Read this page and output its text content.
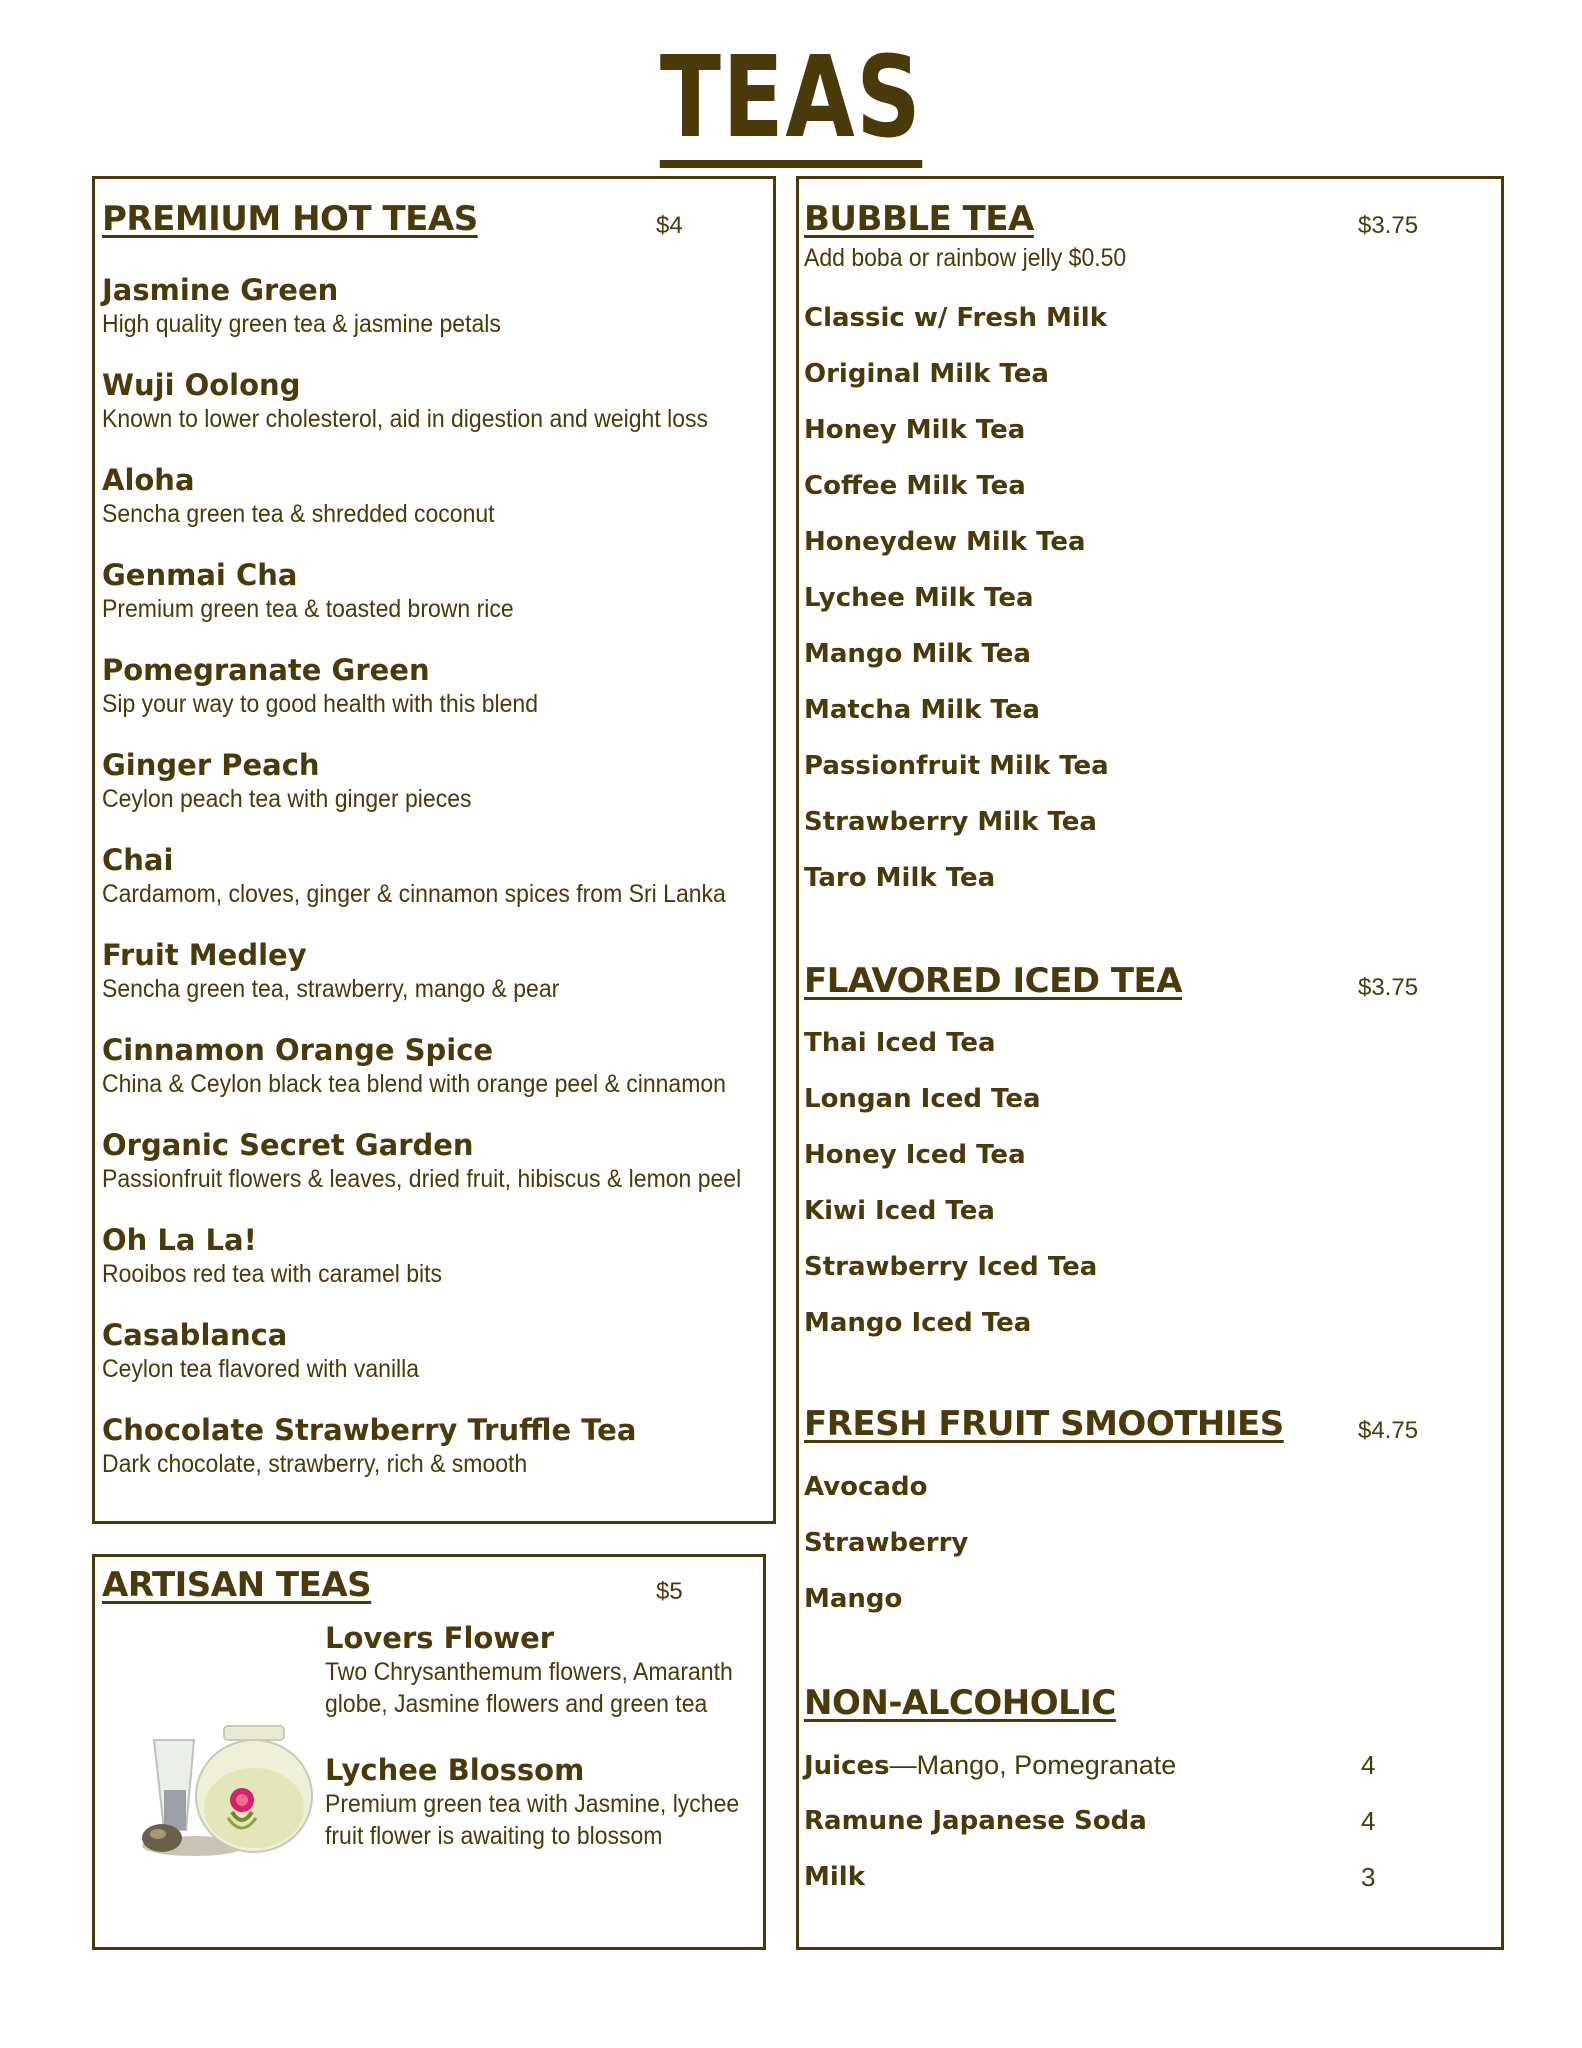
TEAS
PREMIUM HOT TEAS	$4
Jasmine Green
High quality green tea & jasmine petals
Wuji Oolong
Known to lower cholesterol, aid in digestion and weight loss
Aloha
Sencha green tea & shredded coconut
Genmai Cha
Premium green tea & toasted brown rice
Pomegranate Green
Sip your way to good health with this blend
Ginger Peach
Ceylon peach tea with ginger pieces
Chai
Cardamom, cloves, ginger & cinnamon spices from Sri Lanka
Fruit Medley
Sencha green tea, strawberry, mango & pear
Cinnamon Orange Spice
China & Ceylon black tea blend with orange peel & cinnamon
Organic Secret Garden
Passionfruit flowers & leaves, dried fruit, hibiscus & lemon peel
Oh La La!
Rooibos red tea with caramel bits
Casablanca
Ceylon tea flavored with vanilla
Chocolate Strawberry Truffle Tea
Dark chocolate, strawberry, rich & smooth
ARTISAN TEAS	$5
Lovers Flower
Two Chrysanthemum flowers, Amaranth
globe, Jasmine flowers and green tea
Lychee Blossom
Premium green tea with Jasmine, lychee
fruit flower is awaiting to blossom
BUBBLE TEA	$3.75
Add boba or rainbow jelly $0.50
Classic w/ Fresh Milk
Original Milk Tea
Honey Milk Tea
Coffee Milk Tea
Honeydew Milk Tea
Lychee Milk Tea
Mango Milk Tea
Matcha Milk Tea
Passionfruit Milk Tea
Strawberry Milk Tea
Taro Milk Tea
FLAVORED ICED TEA	$3.75
Thai Iced Tea
Longan Iced Tea
Honey Iced Tea
Kiwi Iced Tea
Strawberry Iced Tea
Mango Iced Tea
FRESH FRUIT SMOOTHIES	$4.75
Avocado
Strawberry
Mango
NON-ALCOHOLIC
Juices—Mango, Pomegranate	4
Ramune Japanese Soda	4
Milk	3
